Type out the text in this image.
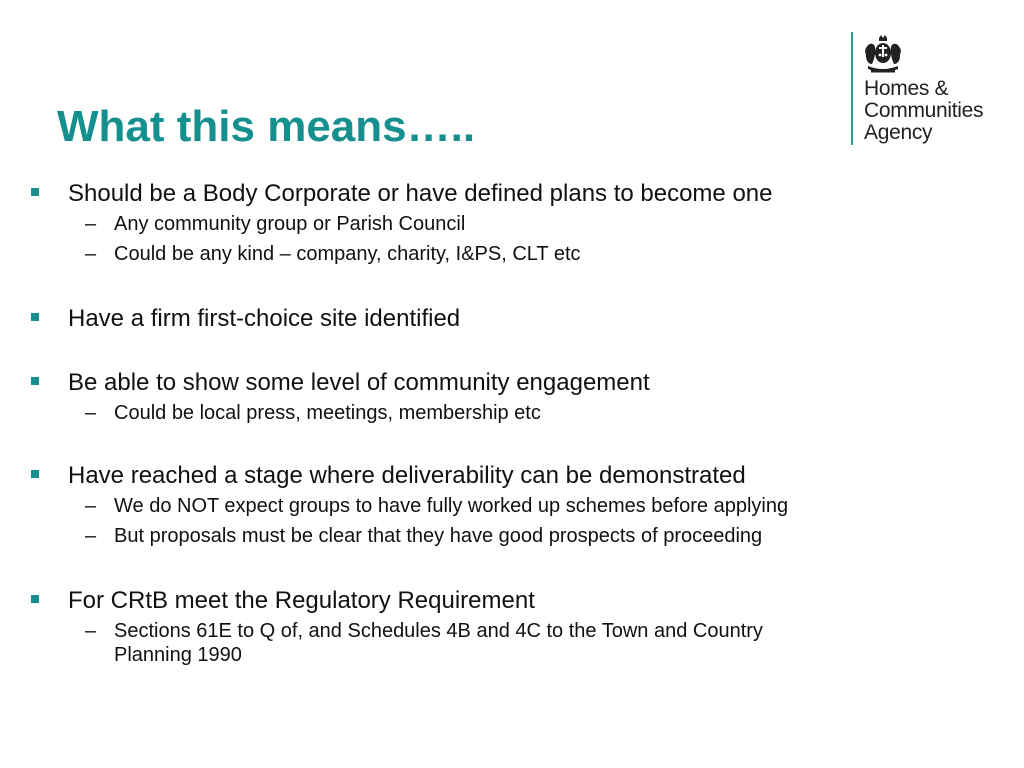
What this means…..
Homes &
Communities
Agency
Should be a Body Corporate or have defined plans to become one
– Any community group or Parish Council
– Could be any kind – company, charity, I&PS, CLT etc
Have a firm first-choice site identified
Be able to show some level of community engagement
– Could be local press, meetings, membership etc
Have reached a stage where deliverability can be demonstrated
– We do NOT expect groups to have fully worked up schemes before applying
– But proposals must be clear that they have good prospects of proceeding
For CRtB meet the Regulatory Requirement
– Sections 61E to Q of, and Schedules 4B and 4C to the Town and Country
Planning 1990
